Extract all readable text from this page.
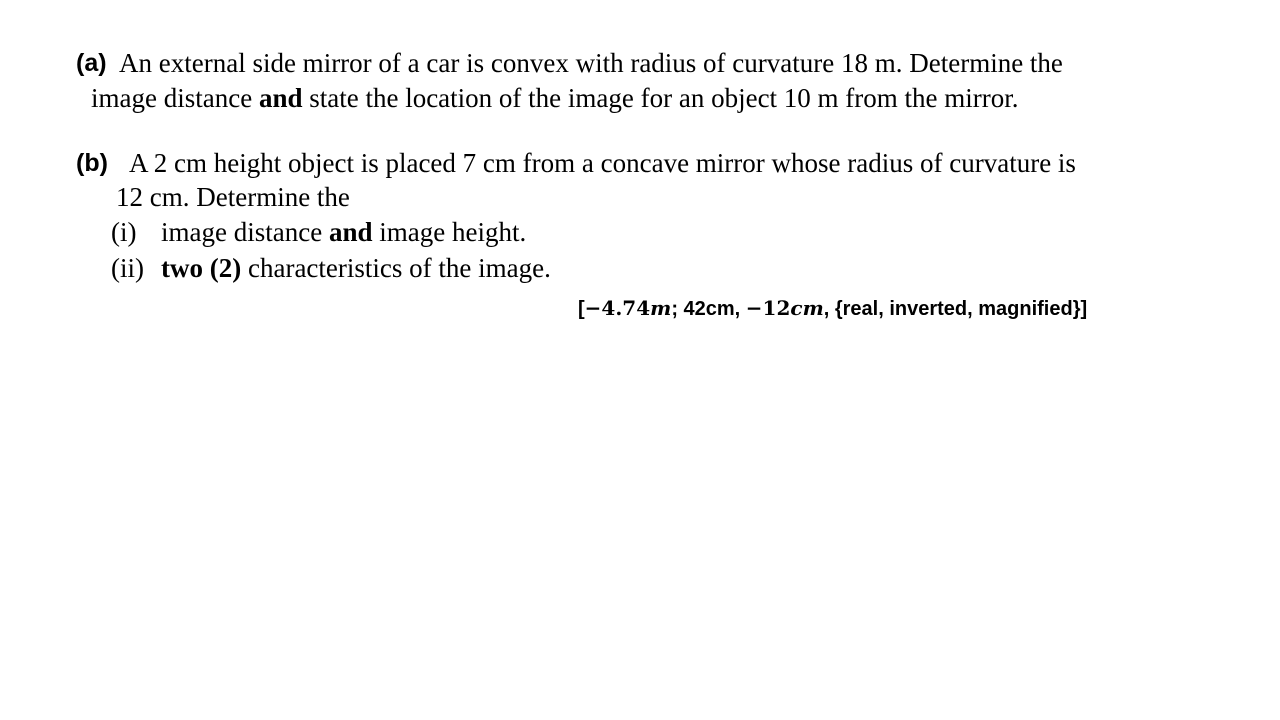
(a) An external side mirror of a car is convex with radius of curvature 18 m. Determine the
image distance and state the location of the image for an object 10 m from the mirror.
(b) A 2 cm height object is placed 7 cm from a concave mirror whose radius of curvature is
12 cm. Determine the
(i) image distance and image height.
(ii) two (2) characteristics of the image.
[−4.74m; 42cm, −12cm, {real, inverted, magnified}]
